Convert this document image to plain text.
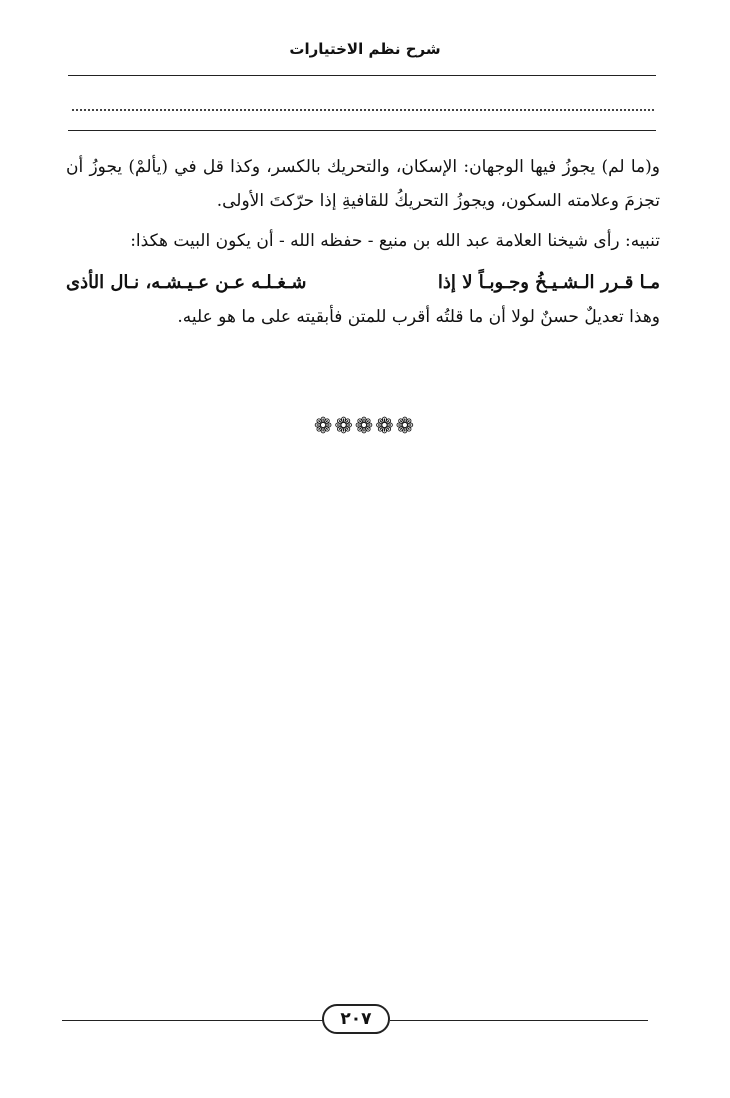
شرح نظم الاختيارات

و(ما لم) يجوزُ فيها الوجهان: الإسكان، والتحريك بالكسر، وكذا قل في (يألمْ) يجوزُ أن تجزمَ وعلامته السكون، ويجوزُ التحريكُ للقافيةِ إذا حرّكتَ الأولى.

تنبيه: رأى شيخنا العلامة عبد الله بن منيع - حفظه الله - أن يكون البيت هكذا:

مـا قـرر الـشـيـخُ وجـوبـاً لا إذا
شـغـلـه عـن عـيـشـه، نـال الأذى

وهذا تعديلٌ حسنٌ لولا أن ما قلتُه أقرب للمتن فأبقيته على ما هو عليه.

❁❁❁❁❁
٢٠٧
